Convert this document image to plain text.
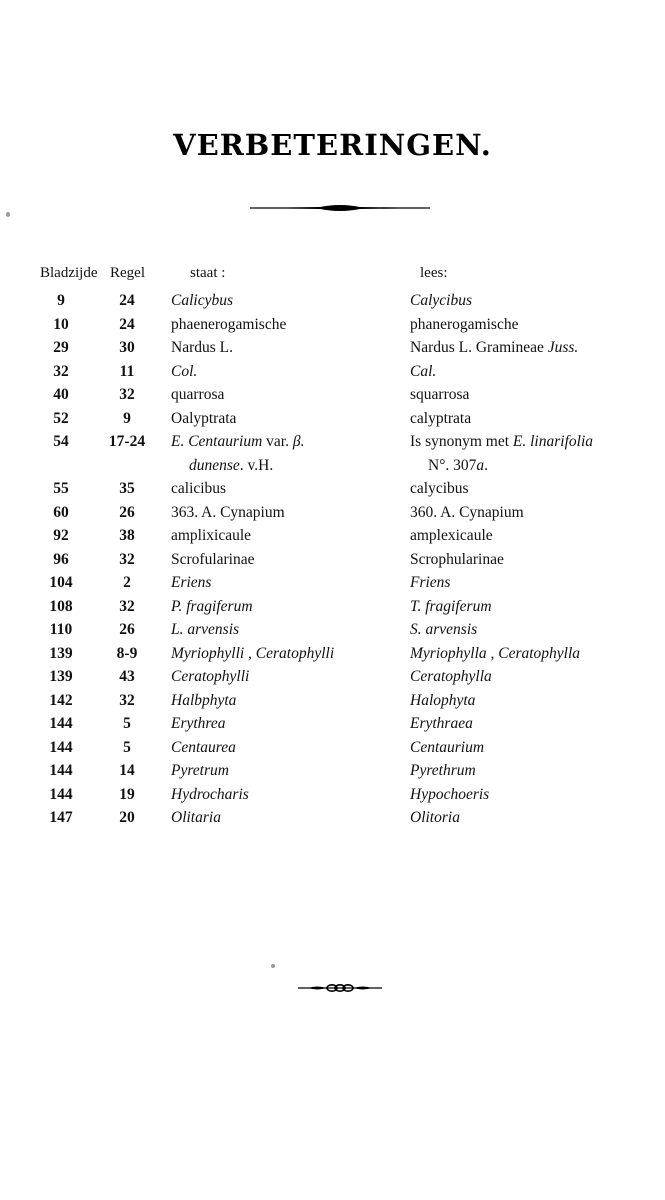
VERBETERINGEN.
Bladzijde Regel	staat :	lees:
9	24	Calicybus	Calycibus
10	24	phaenerogamische	phanerogamische
29	30	Nardus L.	Nardus L. Gramineae Juss.
32	11	Col.	Cal.
40	32	quarrosa	squarrosa
52	9	Oalyptrata	calyptrata
54	17-24	E. Centaurium var. β.	Is synonym met E. linarifolia
dunense. v.H.	N°. 307a.
55	35	calicibus	calycibus
60	26	363. A. Cynapium	360. A. Cynapium
92	38	amplixicaule	amplexicaule
96	32	Scrofularinae	Scrophularinae
104	2	Eriens	Friens
108	32	P. fragiferum	T. fragiferum
110	26	L. arvensis	S. arvensis
139	8-9	Myriophylli , Ceratophylli	Myriophylla , Ceratophylla
139	43	Ceratophylli	Ceratophylla
142	32	Halbphyta	Halophyta
144	5	Erythrea	Erythraea
144	5	Centaurea	Centaurium
144	14	Pyretrum	Pyrethrum
144	19	Hydrocharis	Hypochoeris
147	20	Olitaria	Olitoria
